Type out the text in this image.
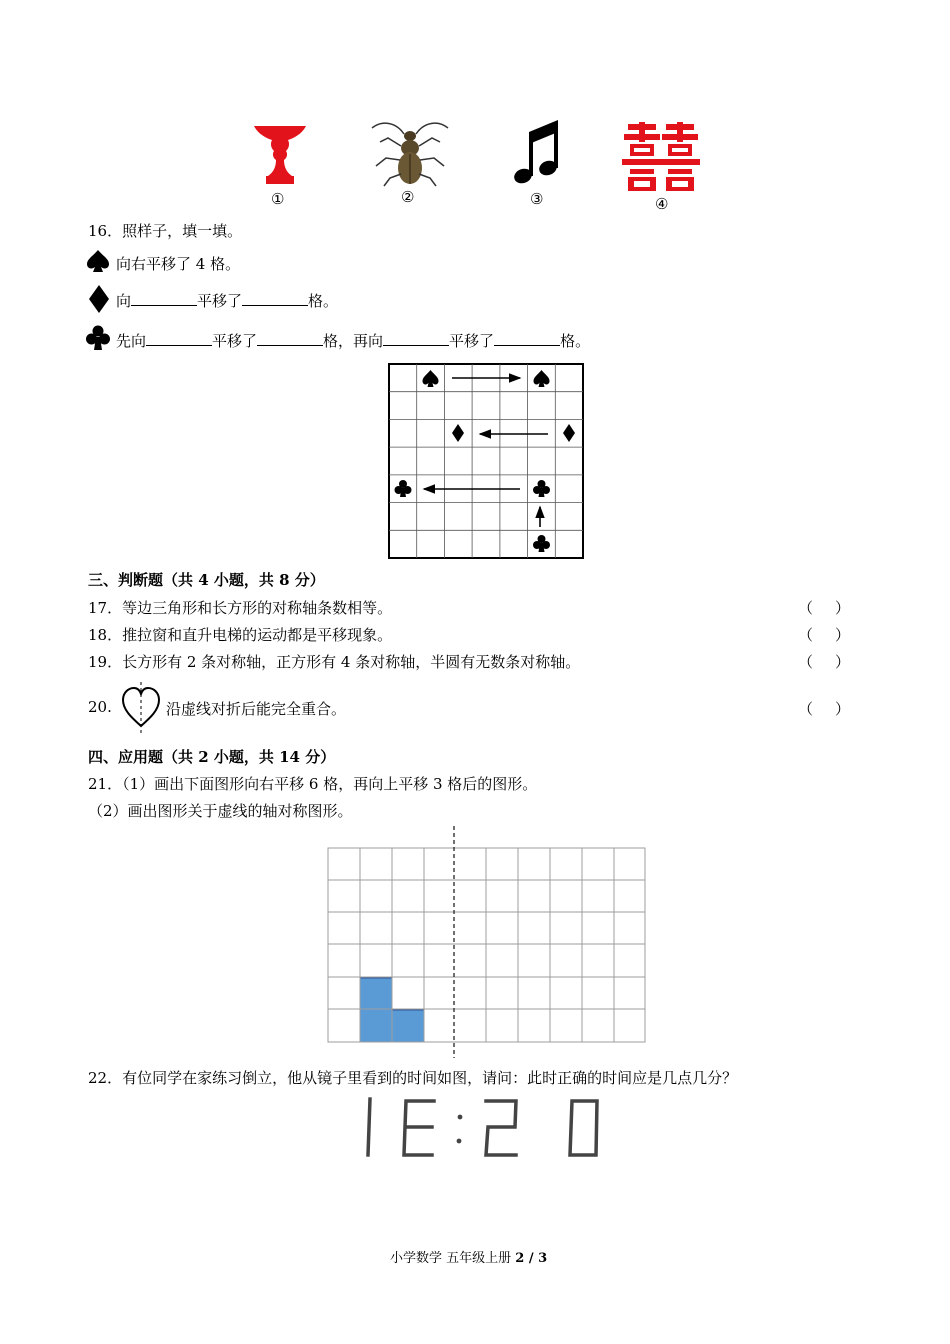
①	②	③	④
16．照样子，填一填。
向右平移了 4 格。
向	平移了	格。
先向	平移了	格，再向	平移了	格。
三、判断题（共 4 小题，共 8 分）
17．等边三角形和长方形的对称轴条数相等。	（ ）
18．推拉窗和直升电梯的运动都是平移现象。	（ ）
19．长方形有 2 条对称轴，正方形有 4 条对称轴，半圆有无数条对称轴。	（ ）
20.	沿虚线对折后能完全重合。	（ ）
四、应用题（共 2 小题，共 14 分）
21．（1）画出下面图形向右平移 6 格，再向上平移 3 格后的图形。
（2）画出图形关于虚线的轴对称图形。
22．有位同学在家练习倒立，他从镜子里看到的时间如图，请问：此时正确的时间应是几点几分？
小学数学 五年级上册 2 / 3
